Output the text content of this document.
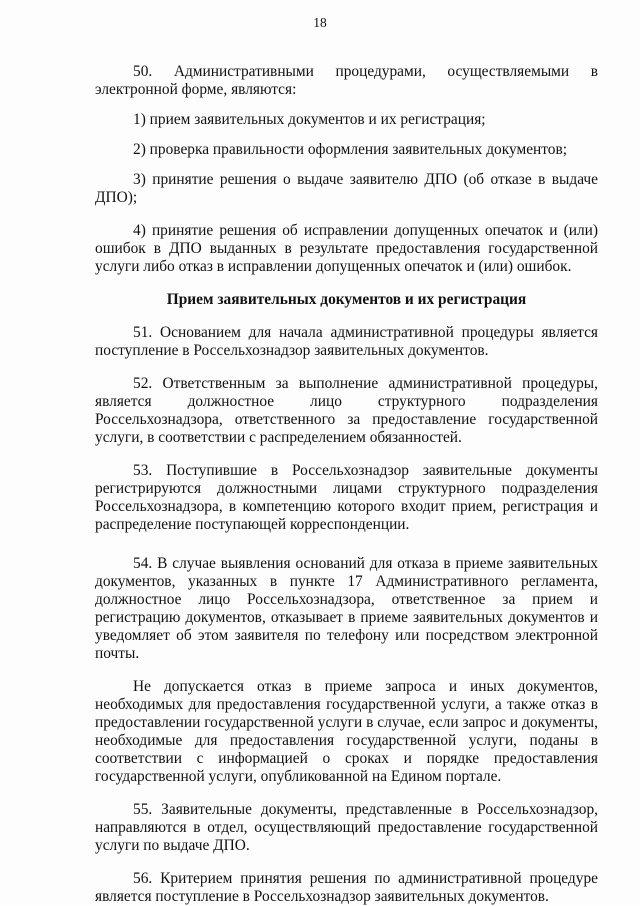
18

50. Административными процедурами, осуществляемыми в электронной форме, являются:

1) прием заявительных документов и их регистрация;

2) проверка правильности оформления заявительных документов;

3) принятие решения о выдаче заявителю ДПО (об отказе в выдаче ДПО);

4) принятие решения об исправлении допущенных опечаток и (или) ошибок в ДПО выданных в результате предоставления государственной услуги либо отказ в исправлении допущенных опечаток и (или) ошибок.

Прием заявительных документов и их регистрация

51. Основанием для начала административной процедуры является поступление в Россельхознадзор заявительных документов.

52. Ответственным за выполнение административной процедуры, является должностное лицо структурного подразделения Россельхознадзора, ответственного за предоставление государственной услуги, в соответствии с распределением обязанностей.

53. Поступившие в Россельхознадзор заявительные документы регистрируются должностными лицами структурного подразделения Россельхознадзора, в компетенцию которого входит прием, регистрация и распределение поступающей корреспонденции.

54. В случае выявления оснований для отказа в приеме заявительных документов, указанных в пункте 17 Административного регламента, должностное лицо Россельхознадзора, ответственное за прием и регистрацию документов, отказывает в приеме заявительных документов и уведомляет об этом заявителя по телефону или посредством электронной почты.

Не допускается отказ в приеме запроса и иных документов, необходимых для предоставления государственной услуги, а также отказ в предоставлении государственной услуги в случае, если запрос и документы, необходимые для предоставления государственной услуги, поданы в соответствии с информацией о сроках и порядке предоставления государственной услуги, опубликованной на Едином портале.

55. Заявительные документы, представленные в Россельхознадзор, направляются в отдел, осуществляющий предоставление государственной услуги по выдаче ДПО.

56. Критерием принятия решения по административной процедуре является поступление в Россельхознадзор заявительных документов.
